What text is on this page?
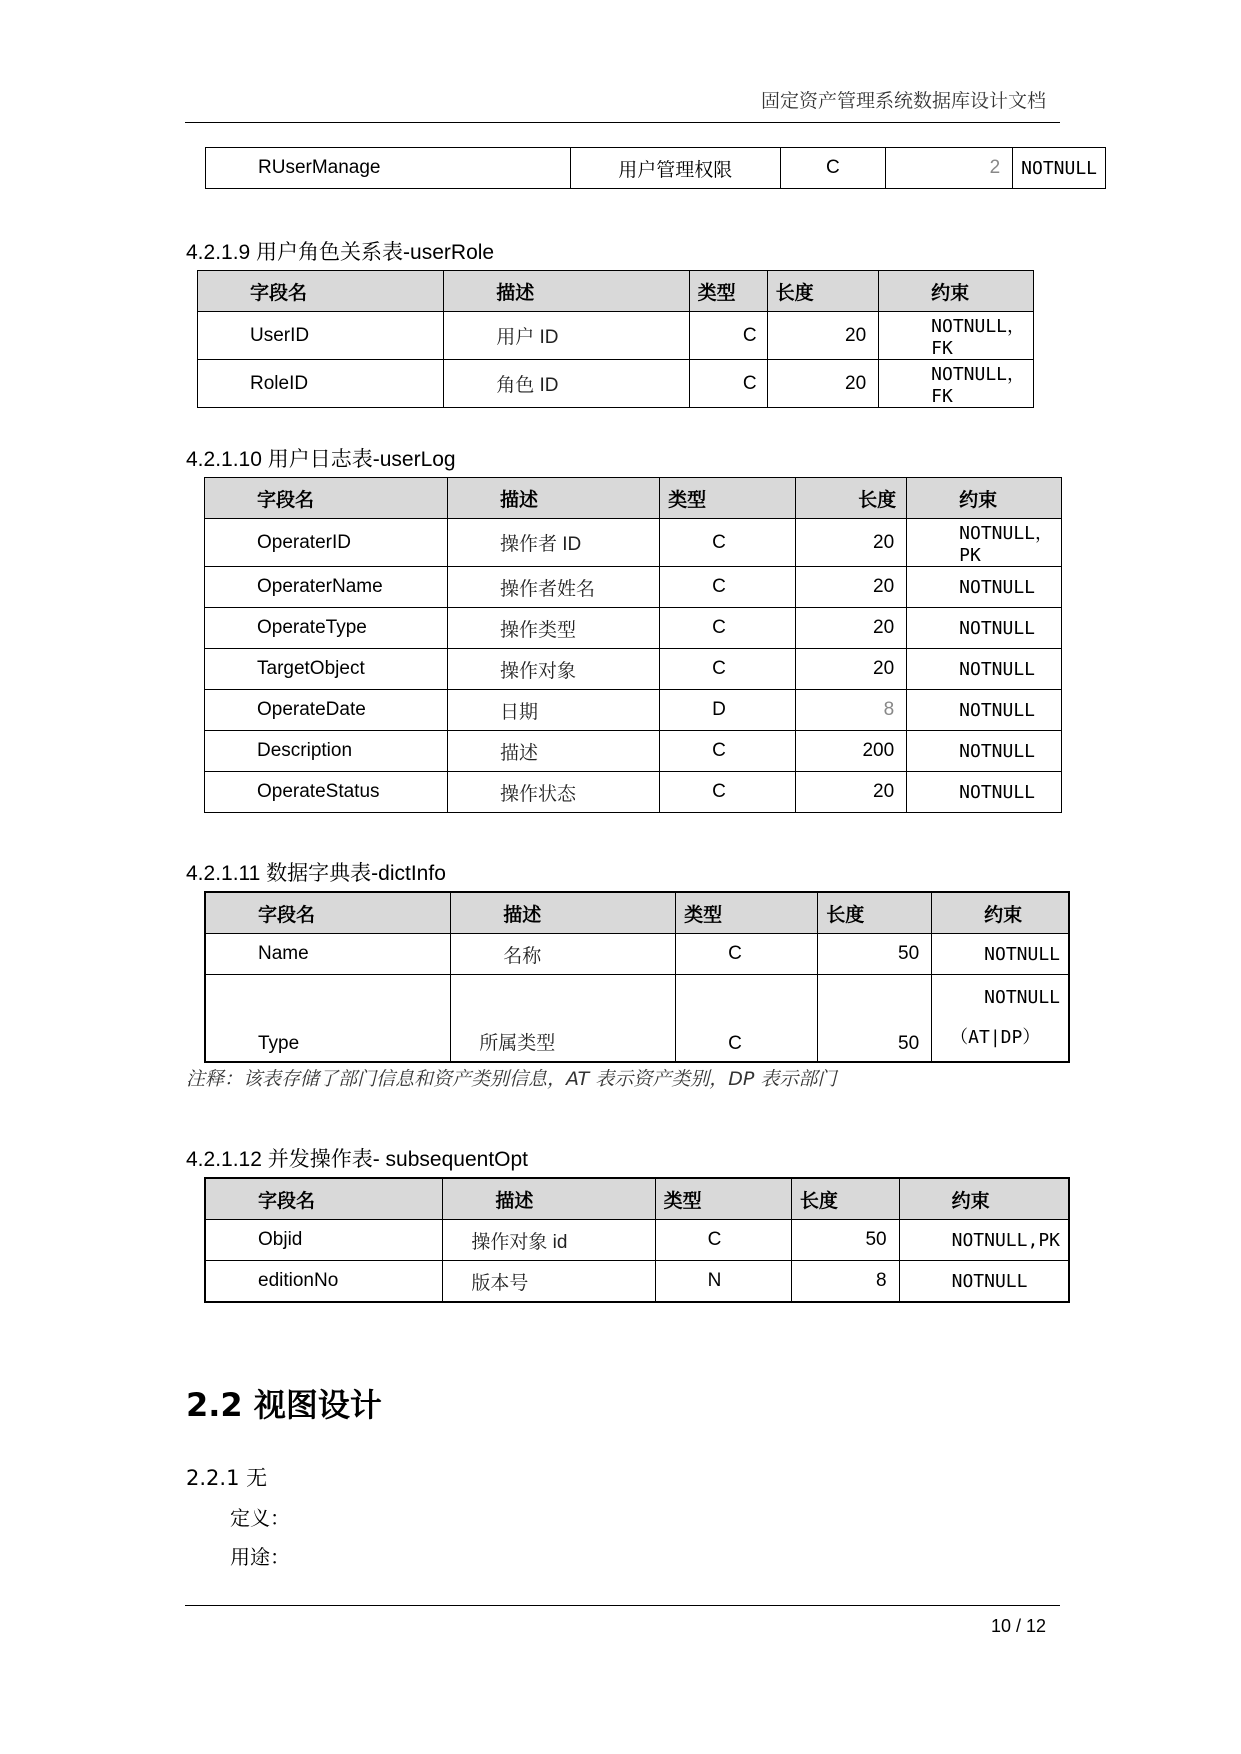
固定资产管理系统数据库设计文档
RUserManage	用户管理权限	C	2	NOTNULL
4.2.1.9 用户角色关系表-userRole
字段名	描述	类型	长度	约束
UserID	用户 ID	C	20	NOTNULL，FK
RoleID	角色 ID	C	20	NOTNULL，FK
4.2.1.10 用户日志表-userLog
字段名	描述	类型	长度	约束
OperaterID	操作者 ID	C	20	NOTNULL，PK
OperaterName	操作者姓名	C	20	NOTNULL
OperateType	操作类型	C	20	NOTNULL
TargetObject	操作对象	C	20	NOTNULL
OperateDate	日期	D	8	NOTNULL
Description	描述	C	200	NOTNULL
OperateStatus	操作状态	C	20	NOTNULL
4.2.1.11 数据字典表-dictInfo
字段名	描述	类型	长度	约束
Name	名称	C	50	NOTNULL
Type	所属类型	C	50	NOTNULL
（AT|DP）
注释：该表存储了部门信息和资产类别信息，AT 表示资产类别，DP 表示部门
4.2.1.12 并发操作表- subsequentOpt
字段名	描述	类型	长度	约束
Objid	操作对象 id	C	50	NOTNULL,PK
editionNo	版本号	N	8	NOTNULL
2.2 视图设计
2.2.1 无
定义：
用途：
10 / 12
